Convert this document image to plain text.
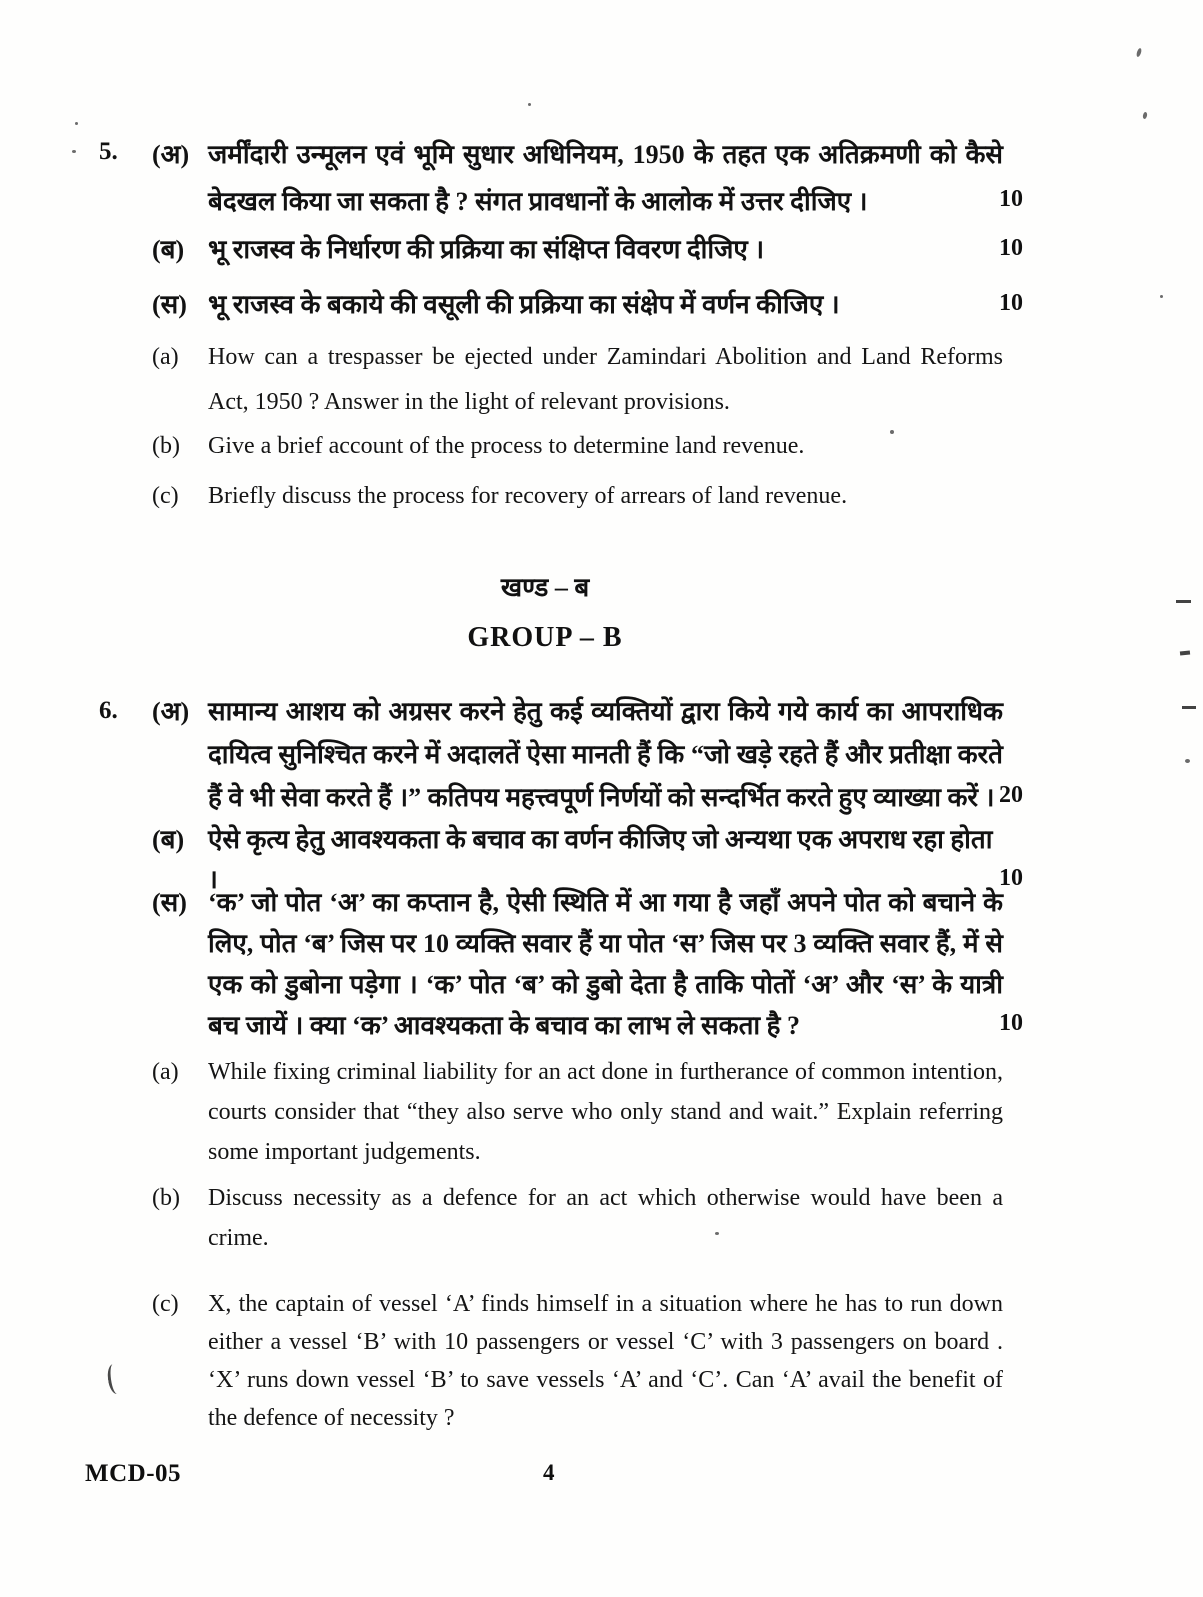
5. (अ) जर्मींदारी उन्मूलन एवं भूमि सुधार अधिनियम, 1950 के तहत एक अतिक्रमणी को कैसे बेदखल किया जा सकता है ? संगत प्रावधानों के आलोक में उत्तर दीजिए ।	10
(ब) भू राजस्व के निर्धारण की प्रक्रिया का संक्षिप्त विवरण दीजिए ।	10
(स) भू राजस्व के बकाये की वसूली की प्रक्रिया का संक्षेप में वर्णन कीजिए ।	10
(a) How can a trespasser be ejected under Zamindari Abolition and Land Reforms Act, 1950 ? Answer in the light of relevant provisions.
(b) Give a brief account of the process to determine land revenue.
(c) Briefly discuss the process for recovery of arrears of land revenue.
खण्ड – ब
GROUP – B
6. (अ) सामान्य आशय को अग्रसर करने हेतु कई व्यक्तियों द्वारा किये गये कार्य का आपराधिक दायित्व सुनिश्चित करने में अदालतें ऐसा मानती हैं कि “जो खड़े रहते हैं और प्रतीक्षा करते हैं वे भी सेवा करते हैं ।” कतिपय महत्त्वपूर्ण निर्णयों को सन्दर्भित करते हुए व्याख्या करें । 20
(ब) ऐसे कृत्य हेतु आवश्यकता के बचाव का वर्णन कीजिए जो अन्यथा एक अपराध रहा होता ।	10
(स) ‘क’ जो पोत ‘अ’ का कप्तान है, ऐसी स्थिति में आ गया है जहाँ अपने पोत को बचाने के लिए, पोत ‘ब’ जिस पर 10 व्यक्ति सवार हैं या पोत ‘स’ जिस पर 3 व्यक्ति सवार हैं, में से एक को डुबोना पड़ेगा । ‘क’ पोत ‘ब’ को डुबो देता है ताकि पोतों ‘अ’ और ‘स’ के यात्री बच जायें । क्या ‘क’ आवश्यकता के बचाव का लाभ ले सकता है ?	10
(a) While fixing criminal liability for an act done in furtherance of common intention, courts consider that “they also serve who only stand and wait.” Explain referring some important judgements.
(b) Discuss necessity as a defence for an act which otherwise would have been a crime.
(c) X, the captain of vessel ‘A’ finds himself in a situation where he has to run down either a vessel ‘B’ with 10 passengers or vessel ‘C’ with 3 passengers on board . ‘X’ runs down vessel ‘B’ to save vessels ‘A’ and ‘C’. Can ‘A’ avail the benefit of the defence of necessity ?
MCD-05	4
